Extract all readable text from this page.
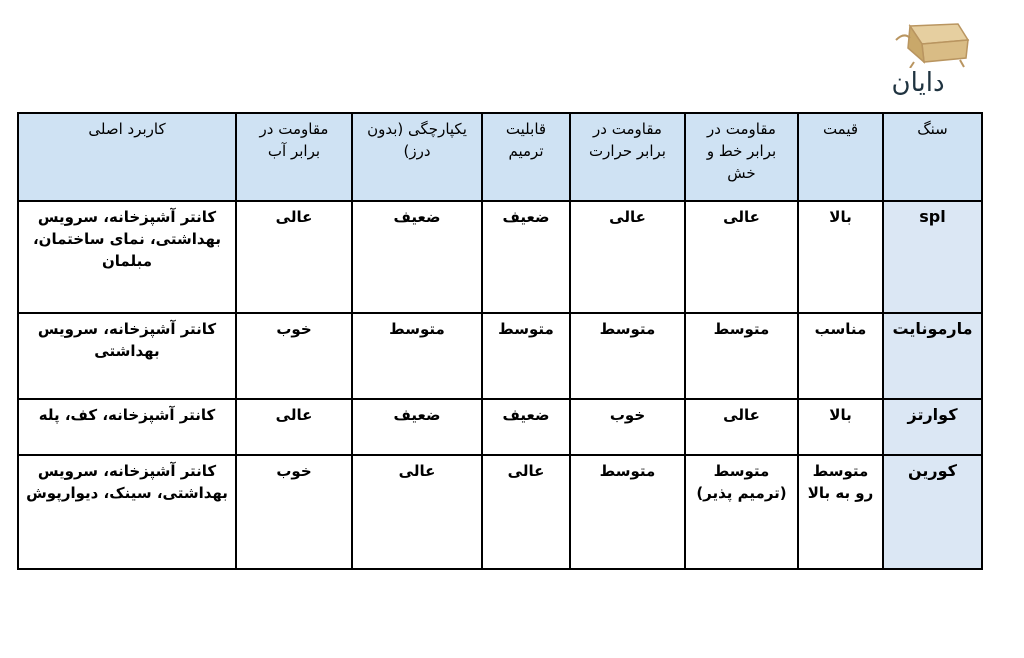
دایان
سنگ	قیمت	مقاومت در برابر خط و خش	مقاومت در برابر حرارت	قابلیت ترمیم	یکپارچگی (بدون درز)	مقاومت در برابر آب	کاربرد اصلی
spl	بالا	عالی	عالی	ضعیف	ضعیف	عالی	کانتر آشپزخانه، سرویس بهداشتی، نمای ساختمان، مبلمان
مارمونایت	مناسب	متوسط	متوسط	متوسط	متوسط	خوب	کانتر آشپزخانه، سرویس بهداشتی
کوارتز	بالا	عالی	خوب	ضعیف	ضعیف	عالی	کانتر آشپزخانه، کف، پله
کورین	متوسط رو به بالا	متوسط (ترمیم پذیر)	متوسط	عالی	عالی	خوب	کانتر آشپزخانه، سرویس بهداشتی، سینک، دیوارپوش
